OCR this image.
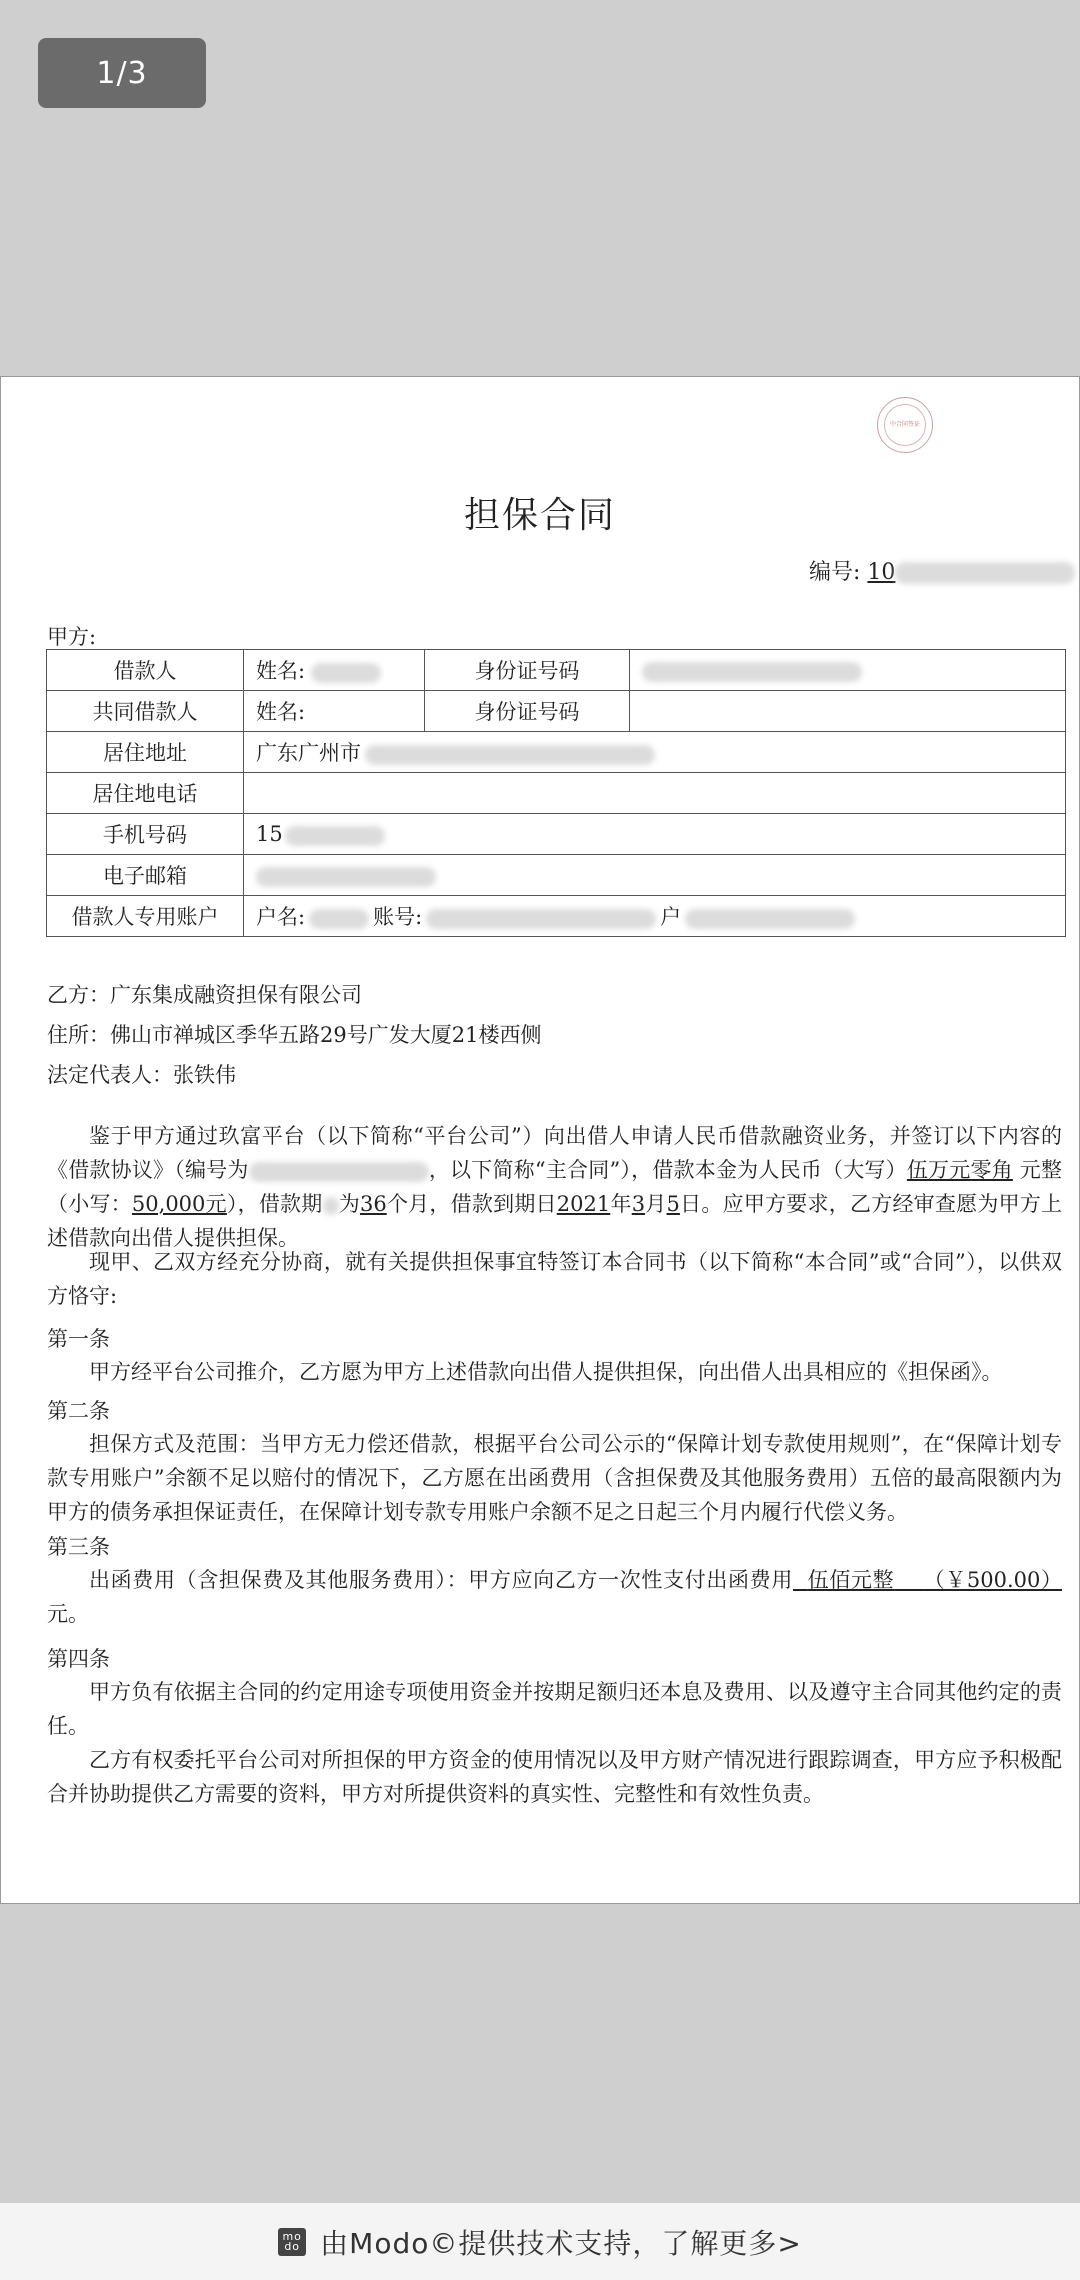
1/3
中合同签证
担保合同
编号: 10
甲方:
借款人	姓名:	身份证号码	
共同借款人	姓名:	身份证号码	
居住地址	广东广州市		
居住地电话			
手机号码	15		
电子邮箱			
借款人专用账户	户名: 账号: 户		
乙方：广东集成融资担保有限公司
住所：佛山市禅城区季华五路29号广发大厦21楼西侧
法定代表人：张铁伟
鉴于甲方通过玖富平台（以下简称“平台公司”）向出借人申请人民币借款融资业务，并签订以下内容的《借款协议》（编号为	，以下简称“主合同”），借款本金为人民币（大写）伍万元零角 元整（小写：50,000元），借款期 为36个月，借款到期日2021年3月5日。应甲方要求，乙方经审查愿为甲方上述借款向出借人提供担保。
现甲、乙双方经充分协商，就有关提供担保事宜特签订本合同书（以下简称“本合同”或“合同”），以供双方恪守:
第一条
甲方经平台公司推介，乙方愿为甲方上述借款向出借人提供担保，向出借人出具相应的《担保函》。
第二条
担保方式及范围：当甲方无力偿还借款，根据平台公司公示的“保障计划专款使用规则”，在“保障计划专款专用账户”余额不足以赔付的情况下，乙方愿在出函费用（含担保费及其他服务费用）五倍的最高限额内为甲方的债务承担保证责任，在保障计划专款专用账户余额不足之日起三个月内履行代偿义务。
第三条
出函费用（含担保费及其他服务费用）：甲方应向乙方一次性支付出函费用 伍佰元整 （￥500.00）元。
第四条
甲方负有依据主合同的约定用途专项使用资金并按期足额归还本息及费用、以及遵守主合同其他约定的责任。
乙方有权委托平台公司对所担保的甲方资金的使用情况以及甲方财产情况进行跟踪调查，甲方应予积极配合并协助提供乙方需要的资料，甲方对所提供资料的真实性、完整性和有效性负责。
mo do 由Modo©提供技术支持，了解更多>
